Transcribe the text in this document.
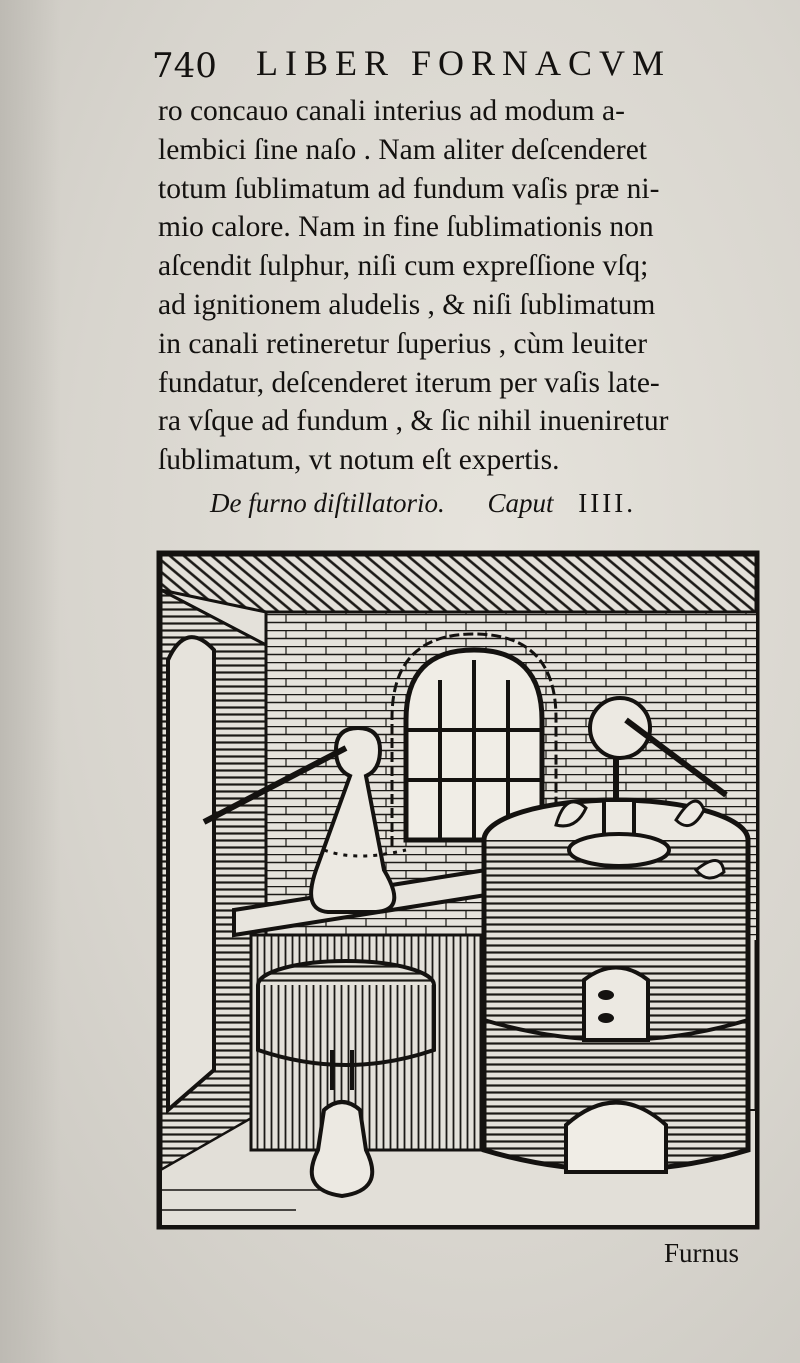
740 LIBER FORNACVM
ro concauo canali interius ad modum a-
lembici ſine naſo . Nam aliter deſcenderet
totum ſublimatum ad fundum vaſis præ ni-
mio calore. Nam in fine ſublimationis non
aſcendit ſulphur, niſi cum expreſſione vſq;
ad ignitionem aludelis , & niſi ſublimatum
in canali retineretur ſuperius , cùm leuiter
fundatur, deſcenderet iterum per vaſis late-
ra vſque ad fundum , & ſic nihil inueniretur
ſublimatum, vt notum eſt expertis.
De furno diſtillatorio. Caput IIII.
Furnus
